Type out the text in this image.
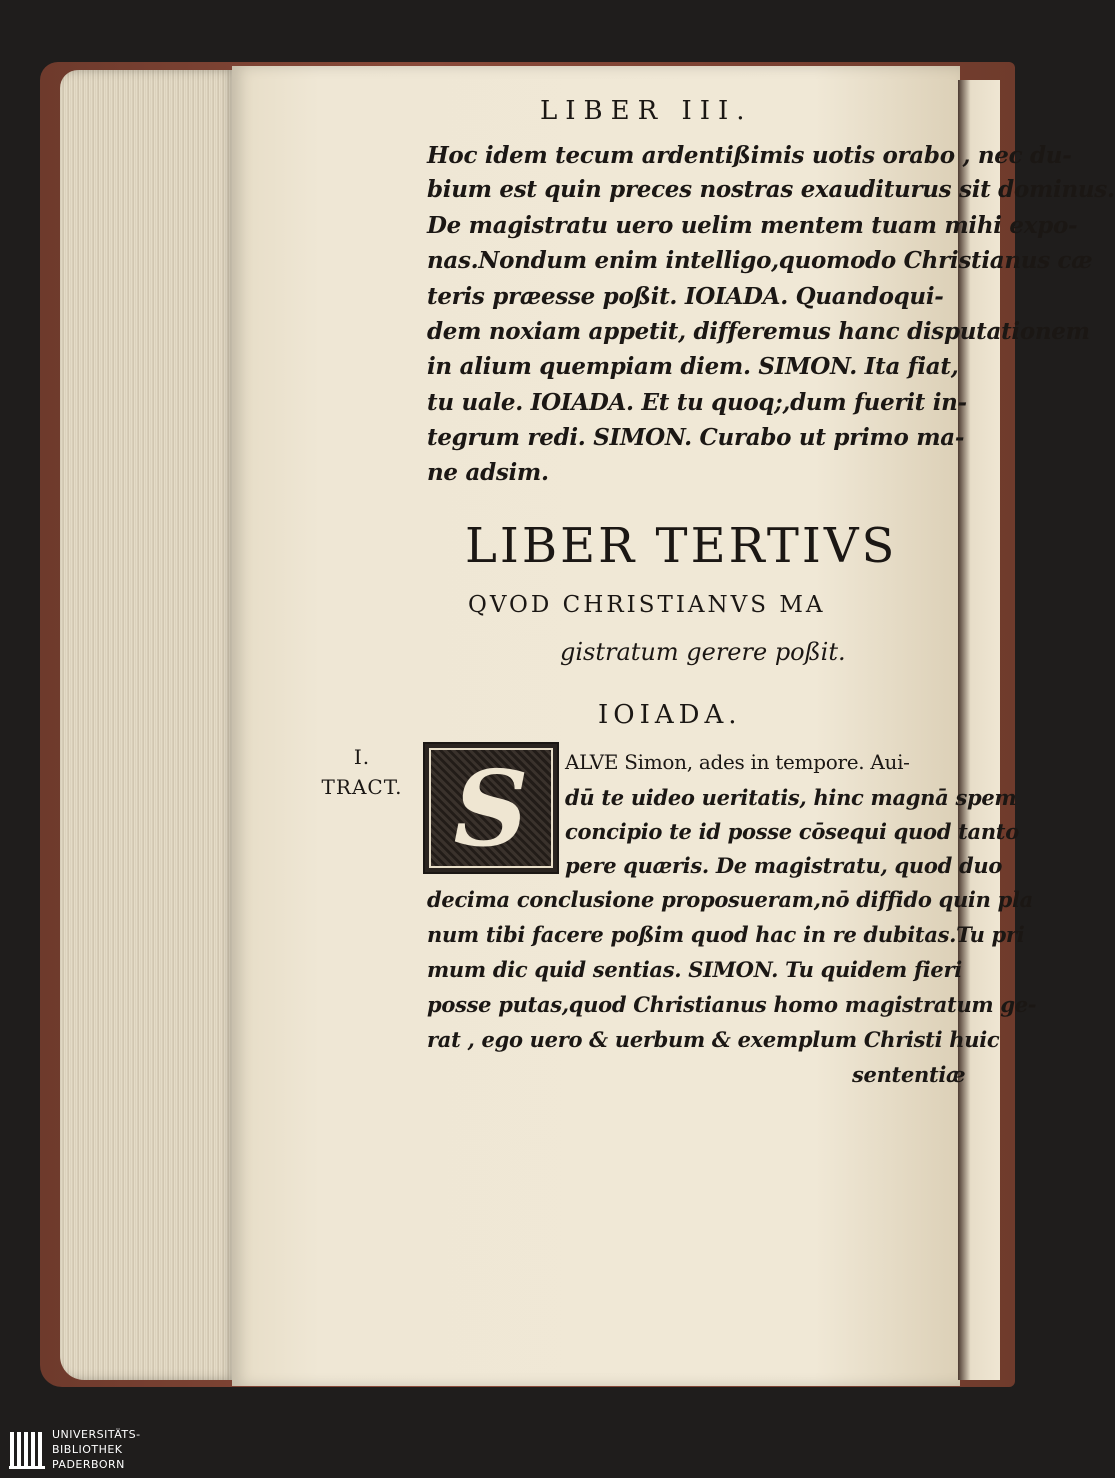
LIBER III.
Hoc idem tecum ardentißimis uotis orabo , nec du-
bium est quin preces nostras exauditurus sit dominus.
De magistratu uero uelim mentem tuam mihi expo-
nas.Nondum enim intelligo,quomodo Christianus cæ
teris præesse poßit. IOIADA. Quandoqui-
dem noxiam appetit, differemus hanc disputationem
in alium quempiam diem. SIMON. Ita fiat,
tu uale. IOIADA. Et tu quoq;,dum fuerit in-
tegrum redi. SIMON. Curabo ut primo ma-
ne adsim.
LIBER TERTIVS
QVOD CHRISTIANVS MA
gistratum gerere poßit.
IOIADA.
I.
TRACT. S	ALVE Simon, ades in tempore. Aui-
dū te uideo ueritatis, hinc magnā spem
concipio te id posse cōsequi quod tanto
pere quæris. De magistratu, quod duo
decima conclusione proposueram,nō diffido quin pla
num tibi facere poßim quod hac in re dubitas.Tu pri
mum dic quid sentias. SIMON. Tu quidem fieri
posse putas,quod Christianus homo magistratum ge-
rat , ego uero & uerbum & exemplum Christi huic
sententiæ
UNIVERSITÄTS-
BIBLIOTHEK
PADERBORN
